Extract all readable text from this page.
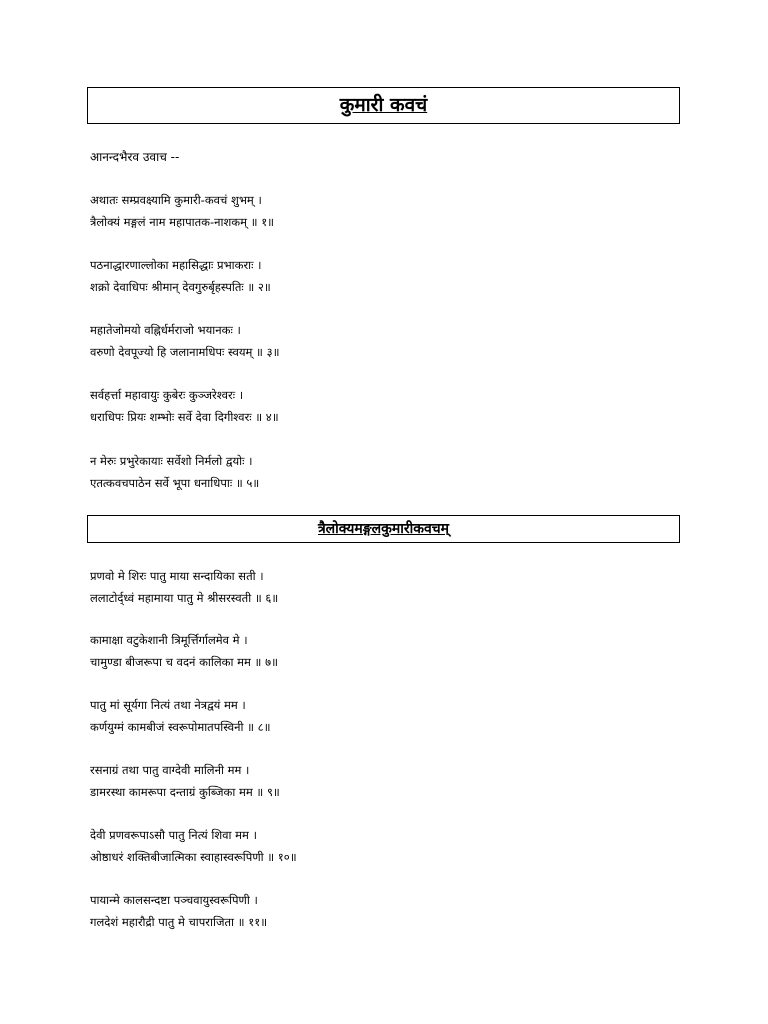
कुमारी कवचं
आनन्दभैरव उवाच --
अथातः सम्प्रवक्ष्यामि कुमारी-कवचं शुभम् ।
त्रैलोक्यं मङ्गलं नाम महापातक-नाशकम् ॥ १॥
पठनाद्धारणाल्लोका महासिद्धाः प्रभाकराः ।
शक्रो देवाधिपः श्रीमान् देवगुरुर्बृहस्पतिः ॥ २॥
महातेजोमयो वह्निर्धर्मराजो भयानकः ।
वरुणो देवपूज्यो हि जलानामधिपः स्वयम् ॥ ३॥
सर्वहर्त्ता महावायुः कुबेरः कुञ्जरेश्वरः ।
धराधिपः प्रियः शम्भोः सर्वे देवा दिगीश्वरः ॥ ४॥
न मेरुः प्रभुरेकायाः सर्वेशो निर्मलो द्वयोः ।
एतत्कवचपाठेन सर्वे भूपा धनाधिपाः ॥ ५॥
त्रैलोक्यमङ्गलकुमारीकवचम्
प्रणवो मे शिरः पातु माया सन्दायिका सती ।
ललाटोर्द्ध्वं महामाया पातु मे श्रीसरस्वती ॥ ६॥
कामाक्षा वटुकेशानी त्रिमूर्त्तिर्गालमेव मे ।
चामुण्डा बीजरूपा च वदनं कालिका मम ॥ ७॥
पातु मां सूर्यगा नित्यं तथा नेत्रद्वयं मम ।
कर्णयुग्मं कामबीजं स्वरूपोमातपस्विनी ॥ ८॥
रसनाग्रं तथा पातु वाग्देवी मालिनी मम ।
डामरस्था कामरूपा दन्ताग्रं कुब्जिका मम ॥ ९॥
देवी प्रणवरूपाऽसौ पातु नित्यं शिवा मम ।
ओष्ठाधरं शक्तिबीजात्मिका स्वाहास्वरूपिणी ॥ १०॥
पायान्मे कालसन्दष्टा पञ्चवायुस्वरूपिणी ।
गलदेशं महारौद्री पातु मे चापराजिता ॥ ११॥
